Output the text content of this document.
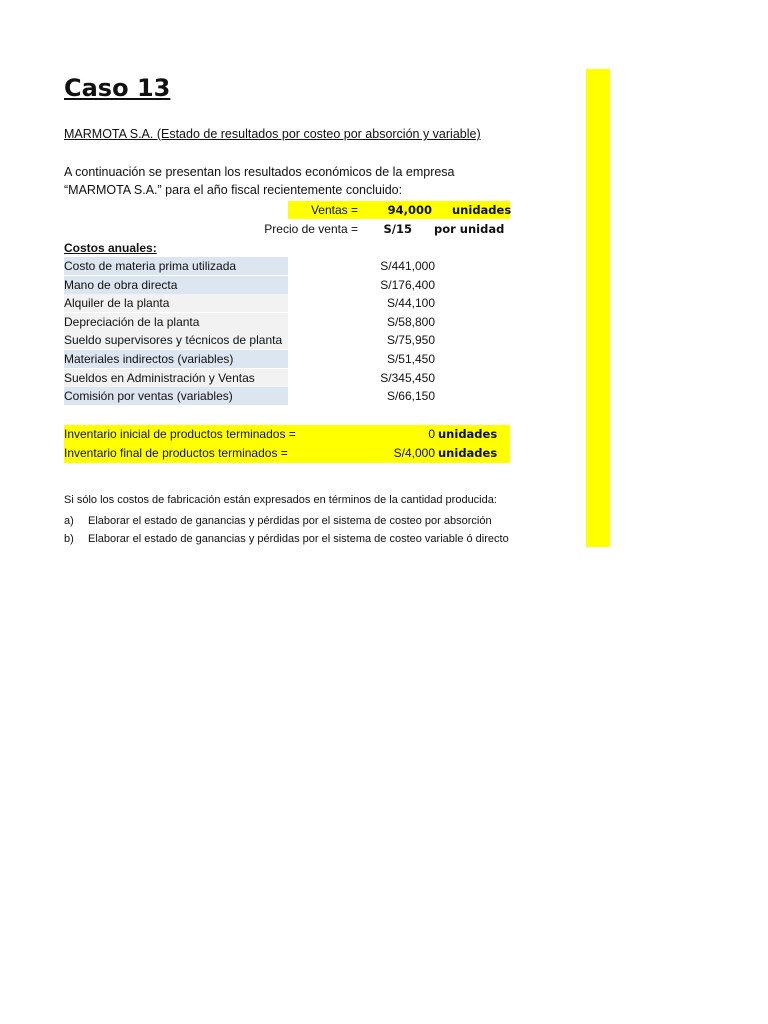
Caso 13
MARMOTA S.A. (Estado de resultados por costeo por absorción y variable)
A continuación se presentan los resultados económicos de la empresa
“MARMOTA S.A.” para el año fiscal recientemente concluido:
Ventas =	94,000 unidades
Precio de venta =	S/15 por unidad
Costos anuales:
Costo de materia prima utilizada	S/441,000
Mano de obra directa	S/176,400
Alquiler de la planta	S/44,100
Depreciación de la planta	S/58,800
Sueldo supervisores y técnicos de planta	S/75,950
Materiales indirectos (variables)	S/51,450
Sueldos en Administración y Ventas	S/345,450
Comisión por ventas (variables)	S/66,150
Inventario inicial de productos terminados =	0 unidades
Inventario final de productos terminados =	S/4,000 unidades
Si sólo los costos de fabricación están expresados en términos de la cantidad producida:
a) Elaborar el estado de ganancias y pérdidas por el sistema de costeo por absorción
b) Elaborar el estado de ganancias y pérdidas por el sistema de costeo variable ó directo
